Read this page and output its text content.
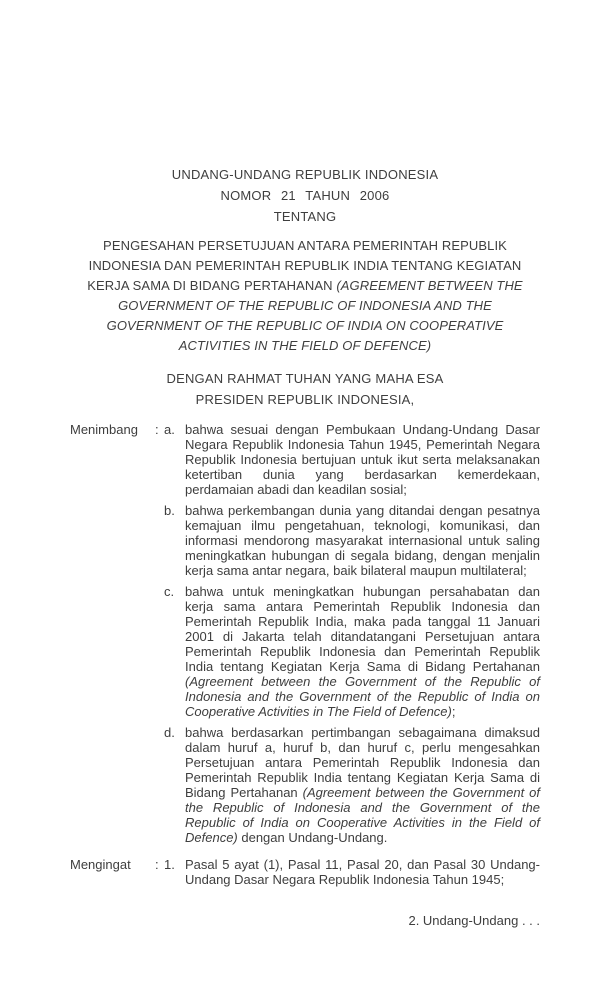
UNDANG-UNDANG REPUBLIK INDONESIA
NOMOR 21 TAHUN 2006
TENTANG
PENGESAHAN PERSETUJUAN ANTARA PEMERINTAH REPUBLIK INDONESIA DAN PEMERINTAH REPUBLIK INDIA TENTANG KEGIATAN KERJA SAMA DI BIDANG PERTAHANAN (AGREEMENT BETWEEN THE GOVERNMENT OF THE REPUBLIC OF INDONESIA AND THE GOVERNMENT OF THE REPUBLIC OF INDIA ON COOPERATIVE ACTIVITIES IN THE FIELD OF DEFENCE)
DENGAN RAHMAT TUHAN YANG MAHA ESA
PRESIDEN REPUBLIK INDONESIA,
Menimbang	: a. bahwa sesuai dengan Pembukaan Undang-Undang Dasar Negara Republik Indonesia Tahun 1945, Pemerintah Negara Republik Indonesia bertujuan untuk ikut serta melaksanakan ketertiban dunia yang berdasarkan kemerdekaan, perdamaian abadi dan keadilan sosial;
b. bahwa perkembangan dunia yang ditandai dengan pesatnya kemajuan ilmu pengetahuan, teknologi, komunikasi, dan informasi mendorong masyarakat internasional untuk saling meningkatkan hubungan di segala bidang, dengan menjalin kerja sama antar negara, baik bilateral maupun multilateral;
c. bahwa untuk meningkatkan hubungan persahabatan dan kerja sama antara Pemerintah Republik Indonesia dan Pemerintah Republik India, maka pada tanggal 11 Januari 2001 di Jakarta telah ditandatangani Persetujuan antara Pemerintah Republik Indonesia dan Pemerintah Republik India tentang Kegiatan Kerja Sama di Bidang Pertahanan (Agreement between the Government of the Republic of Indonesia and the Government of the Republic of India on Cooperative Activities in The Field of Defence);
d. bahwa berdasarkan pertimbangan sebagaimana dimaksud dalam huruf a, huruf b, dan huruf c, perlu mengesahkan Persetujuan antara Pemerintah Republik Indonesia dan Pemerintah Republik India tentang Kegiatan Kerja Sama di Bidang Pertahanan (Agreement between the Government of the Republic of Indonesia and the Government of the Republic of India on Cooperative Activities in the Field of Defence) dengan Undang-Undang.
Mengingat	: 1. Pasal 5 ayat (1), Pasal 11, Pasal 20, dan Pasal 30 Undang-Undang Dasar Negara Republik Indonesia Tahun 1945;
2. Undang-Undang . . .
